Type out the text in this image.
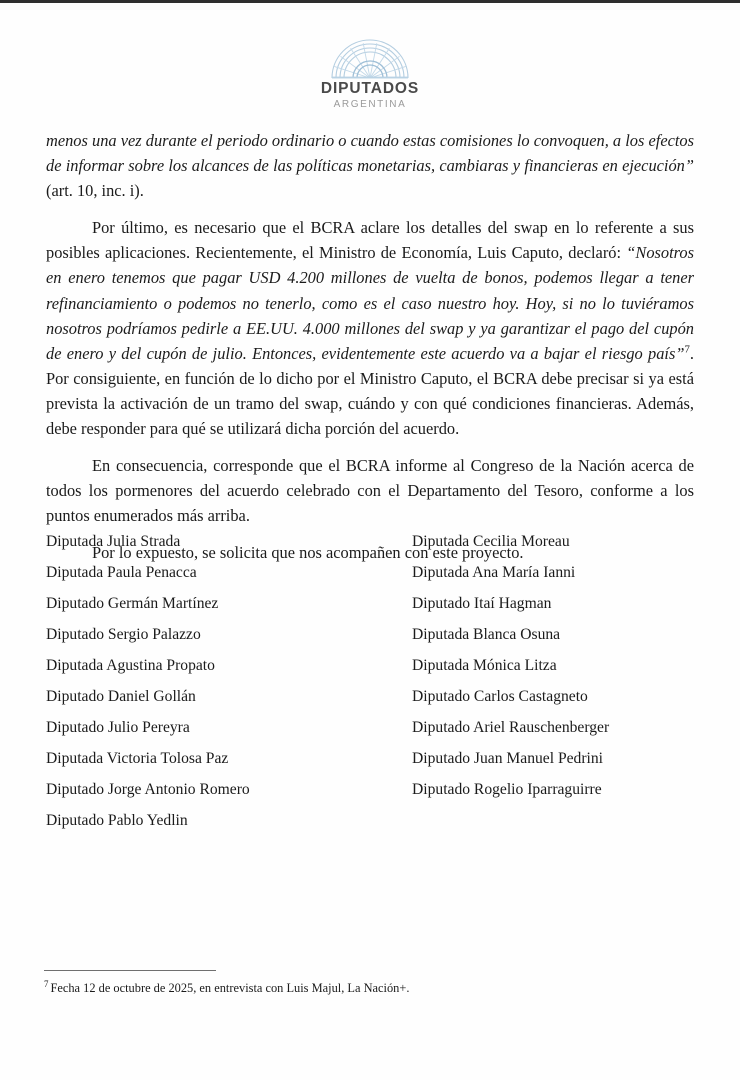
DIPUTADOS
ARGENTINA

menos una vez durante el periodo ordinario o cuando estas comisiones lo convoquen, a los efectos de informar sobre los alcances de las políticas monetarias, cambiaras y financieras en ejecución” (art. 10, inc. i).

Por último, es necesario que el BCRA aclare los detalles del swap en lo referente a sus posibles aplicaciones. Recientemente, el Ministro de Economía, Luis Caputo, declaró: “Nosotros en enero tenemos que pagar USD 4.200 millones de vuelta de bonos, podemos llegar a tener refinanciamiento o podemos no tenerlo, como es el caso nuestro hoy. Hoy, si no lo tuviéramos nosotros podríamos pedirle a EE.UU. 4.000 millones del swap y ya garantizar el pago del cupón de enero y del cupón de julio. Entonces, evidentemente este acuerdo va a bajar el riesgo país”$^7$. Por consiguiente, en función de lo dicho por el Ministro Caputo, el BCRA debe precisar si ya está prevista la activación de un tramo del swap, cuándo y con qué condiciones financieras. Además, debe responder para qué se utilizará dicha porción del acuerdo.

En consecuencia, corresponde que el BCRA informe al Congreso de la Nación acerca de todos los pormenores del acuerdo celebrado con el Departamento del Tesoro, conforme a los puntos enumerados más arriba.

Por lo expuesto, se solicita que nos acompañen con este proyecto.

Diputada Julia Strada
Diputada Paula Penacca
Diputado Germán Martínez
Diputado Sergio Palazzo
Diputada Agustina Propato
Diputado Daniel Gollán
Diputado Julio Pereyra
Diputada Victoria Tolosa Paz
Diputado Jorge Antonio Romero
Diputado Pablo Yedlin
Diputada Cecilia Moreau
Diputada Ana María Ianni
Diputado Itaí Hagman
Diputada Blanca Osuna
Diputada Mónica Litza
Diputado Carlos Castagneto
Diputado Ariel Rauschenberger
Diputado Juan Manuel Pedrini
Diputado Rogelio Iparraguirre
$^7$ Fecha 12 de octubre de 2025, en entrevista con Luis Majul, La Nación+.
